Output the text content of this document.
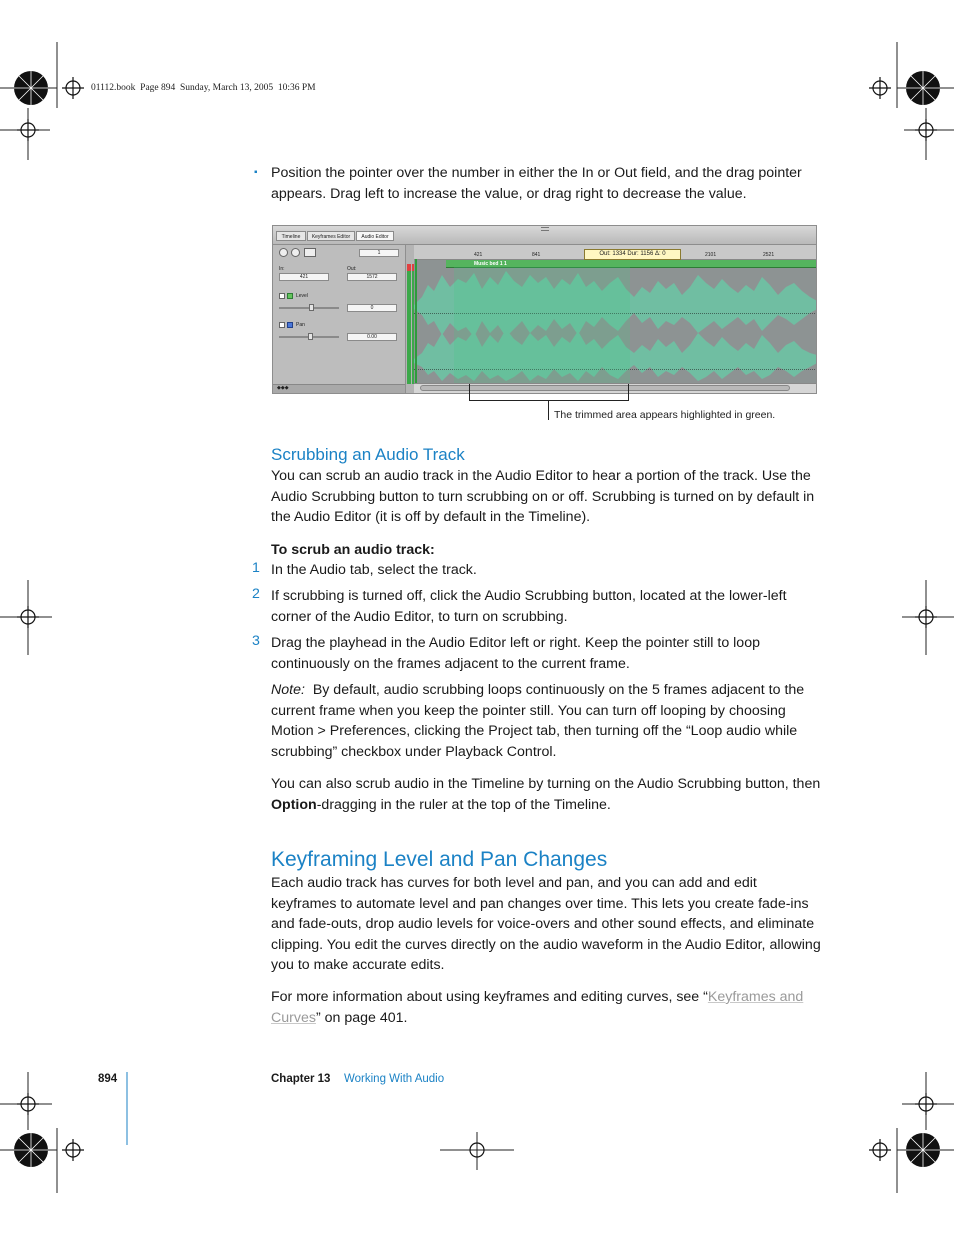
01112.book  Page 894  Sunday, March 13, 2005  10:36 PM
▪ Position the pointer over the number in either the In or Out field, and the drag pointer appears. Drag left to increase the value, or drag right to decrease the value.
Timeline	Keyframes Editor	Audio Editor
1
In:
421
Out:
1572
Level
0
Pan
0.00
◆◆◆
421	841	2101	2521
Music bed 1 1
Out: 1334 Dur: 1156 Δ: 0
The trimmed area appears highlighted in green.
Scrubbing an Audio Track
You can scrub an audio track in the Audio Editor to hear a portion of the track. Use the Audio Scrubbing button to turn scrubbing on or off. Scrubbing is turned on by default in the Audio Editor (it is off by default in the Timeline).
To scrub an audio track:
1 In the Audio tab, select the track.
2 If scrubbing is turned off, click the Audio Scrubbing button, located at the lower-left corner of the Audio Editor, to turn on scrubbing.
3 Drag the playhead in the Audio Editor left or right. Keep the pointer still to loop continuously on the frames adjacent to the current frame.
Note: By default, audio scrubbing loops continuously on the 5 frames adjacent to the current frame when you keep the pointer still. You can turn off looping by choosing Motion > Preferences, clicking the Project tab, then turning off the “Loop audio while scrubbing” checkbox under Playback Control.
You can also scrub audio in the Timeline by turning on the Audio Scrubbing button, then Option-dragging in the ruler at the top of the Timeline.
Keyframing Level and Pan Changes
Each audio track has curves for both level and pan, and you can add and edit keyframes to automate level and pan changes over time. This lets you create fade-ins and fade-outs, drop audio levels for voice-overs and other sound effects, and eliminate clipping. You edit the curves directly on the audio waveform in the Audio Editor, allowing you to make accurate edits.
For more information about using keyframes and editing curves, see “Keyframes and Curves” on page 401.
894	Chapter 13 Working With Audio
